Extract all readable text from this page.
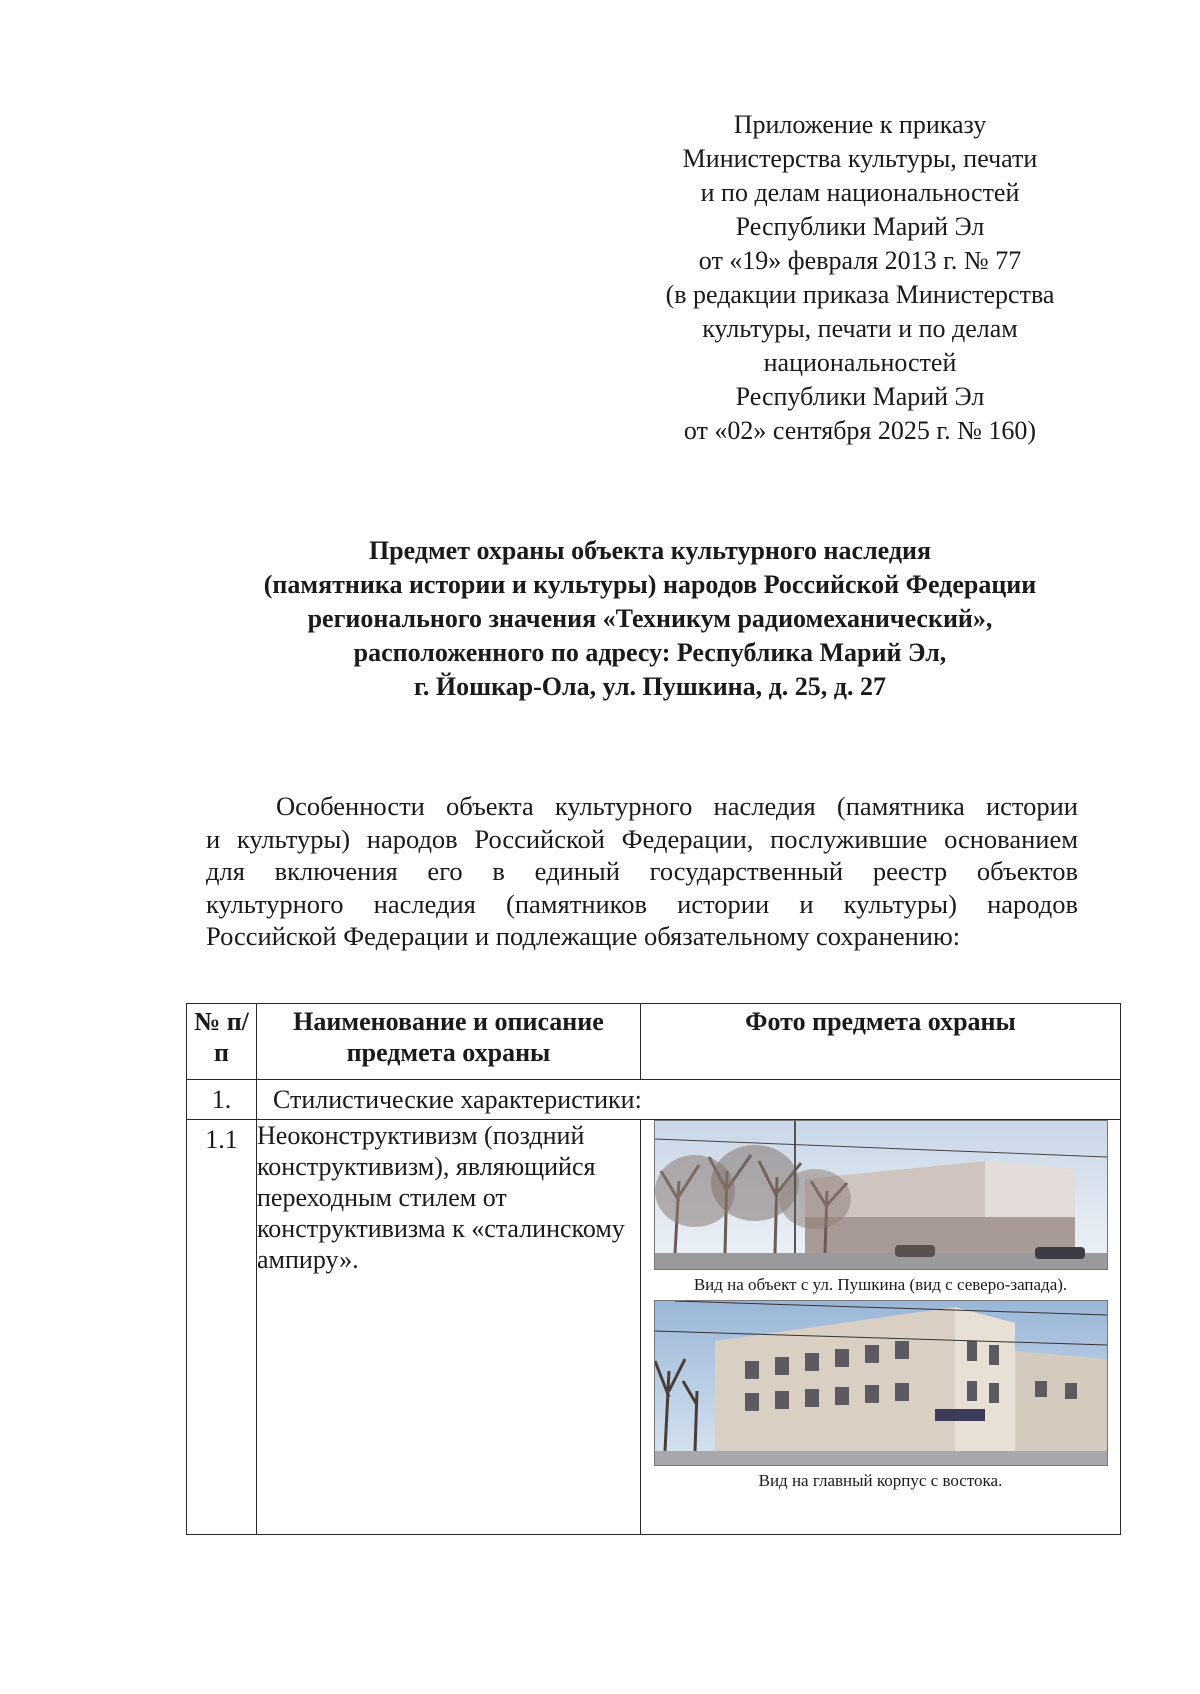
Приложение к приказу
Министерства культуры, печати
и по делам национальностей
Республики Марий Эл
от «19» февраля 2013 г. № 77
(в редакции приказа Министерства
культуры, печати и по делам
национальностей
Республики Марий Эл
от «02» сентября 2025 г. № 160)
Предмет охраны объекта культурного наследия
(памятника истории и культуры) народов Российской Федерации
регионального значения «Техникум радиомеханический»,
расположенного по адресу: Республика Марий Эл,
г. Йошкар-Ола, ул. Пушкина, д. 25, д. 27
Особенности объекта культурного наследия (памятника истории
и культуры) народов Российской Федерации, послужившие основанием
для включения его в единый государственный реестр объектов
культурного наследия (памятников истории и культуры) народов
Российской Федерации и подлежащие обязательному сохранению:
№ п/п	Наименование и описание предмета охраны	Фото предмета охраны
1.	Стилистические характеристики:	
1.1	Неоконструктивизм (поздний конструктивизм), являющийся переходным стилем от конструктивизма к «сталинскому ампиру».	Вид на объект с ул. Пушкина (вид с северо-запада).
Вид на главный корпус с востока.
